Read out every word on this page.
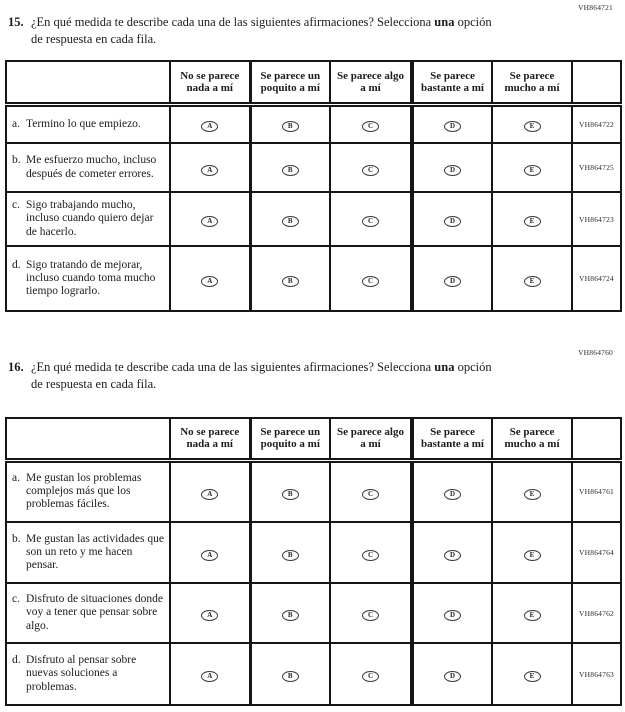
VH864721
15. ¿En qué medida te describe cada una de las siguientes afirmaciones? Selecciona una opción de respuesta en cada fila.
	No se parece nada a mí	Se parece un poquito a mí	Se parece algo a mí	Se parece bastante a mí	Se parece mucho a mí	

a. Termino lo que empiezo.	A	B	C	D	E	VH864722

b. Me esfuerzo mucho, incluso después de cometer errores.	A	B	C	D	E	VH864725

c. Sigo trabajando mucho, incluso cuando quiero dejar de hacerlo.	A	B	C	D	E	VH864723

d. Sigo tratando de mejorar, incluso cuando toma mucho tiempo lograrlo.	A	B	C	D	E	VH864724
VH864760
16. ¿En qué medida te describe cada una de las siguientes afirmaciones? Selecciona una opción de respuesta en cada fila.
	No se parece nada a mí	Se parece un poquito a mí	Se parece algo a mí	Se parece bastante a mí	Se parece mucho a mí	

a. Me gustan los problemas complejos más que los problemas fáciles.	A	B	C	D	E	VH864761

b. Me gustan las actividades que son un reto y me hacen pensar.	A	B	C	D	E	VH864764

c. Disfruto de situaciones donde voy a tener que pensar sobre algo.	A	B	C	D	E	VH864762

d. Disfruto al pensar sobre nuevas soluciones a problemas.	A	B	C	D	E	VH864763
